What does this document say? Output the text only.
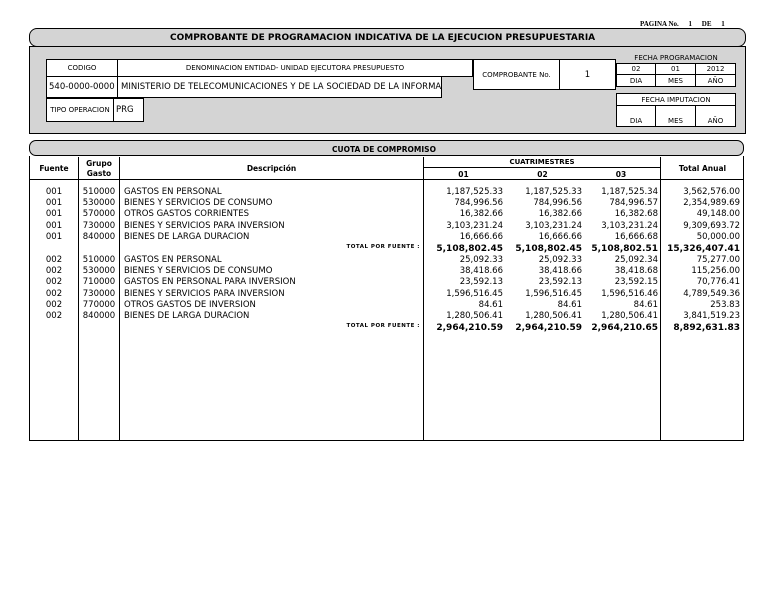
PAGINA No. 1 DE 1
COMPROBANTE DE PROGRAMACION INDICATIVA DE LA EJECUCION PRESUPUESTARIA
CODIGO	DENOMINACION ENTIDAD- UNIDAD EJECUTORA PRESUPUESTO
540-0000-0000 MINISTERIO DE TELECOMUNICACIONES Y DE LA SOCIEDAD DE LA INFORMA
COMPROBANTE No.	1
FECHA PROGRAMACION
02	01	2012
DIA	MES	AÑO
FECHA IMPUTACION
DIA	MES	AÑO
TIPO OPERACION PRG
CUOTA DE COMPROMISO
Fuente
Grupo
Gasto
Descripción
CUATRIMESTRES
01	02	03
Total Anual
001	510000	GASTOS EN PERSONAL	1,187,525.33	1,187,525.33	1,187,525.34	3,562,576.00
001	530000	BIENES Y SERVICIOS DE CONSUMO	784,996.56	784,996.56	784,996.57	2,354,989.69
001	570000	OTROS GASTOS CORRIENTES	16,382.66	16,382.66	16,382.68	49,148.00
001	730000	BIENES Y SERVICIOS PARA INVERSION	3,103,231.24	3,103,231.24	3,103,231.24	9,309,693.72
001	840000	BIENES DE LARGA DURACION	16,666.66	16,666.66	16,666.68	50,000.00
TOTAL POR FUENTE :	5,108,802.45	5,108,802.45	5,108,802.51	15,326,407.41
002	510000	GASTOS EN PERSONAL	25,092.33	25,092.33	25,092.34	75,277.00
002	530000	BIENES Y SERVICIOS DE CONSUMO	38,418.66	38,418.66	38,418.68	115,256.00
002	710000	GASTOS EN PERSONAL PARA INVERSION	23,592.13	23,592.13	23,592.15	70,776.41
002	730000	BIENES Y SERVICIOS PARA INVERSION	1,596,516.45	1,596,516.45	1,596,516.46	4,789,549.36
002	770000	OTROS GASTOS DE INVERSION	84.61	84.61	84.61	253.83
002	840000	BIENES DE LARGA DURACION	1,280,506.41	1,280,506.41	1,280,506.41	3,841,519.23
TOTAL POR FUENTE :	2,964,210.59	2,964,210.59	2,964,210.65	8,892,631.83
